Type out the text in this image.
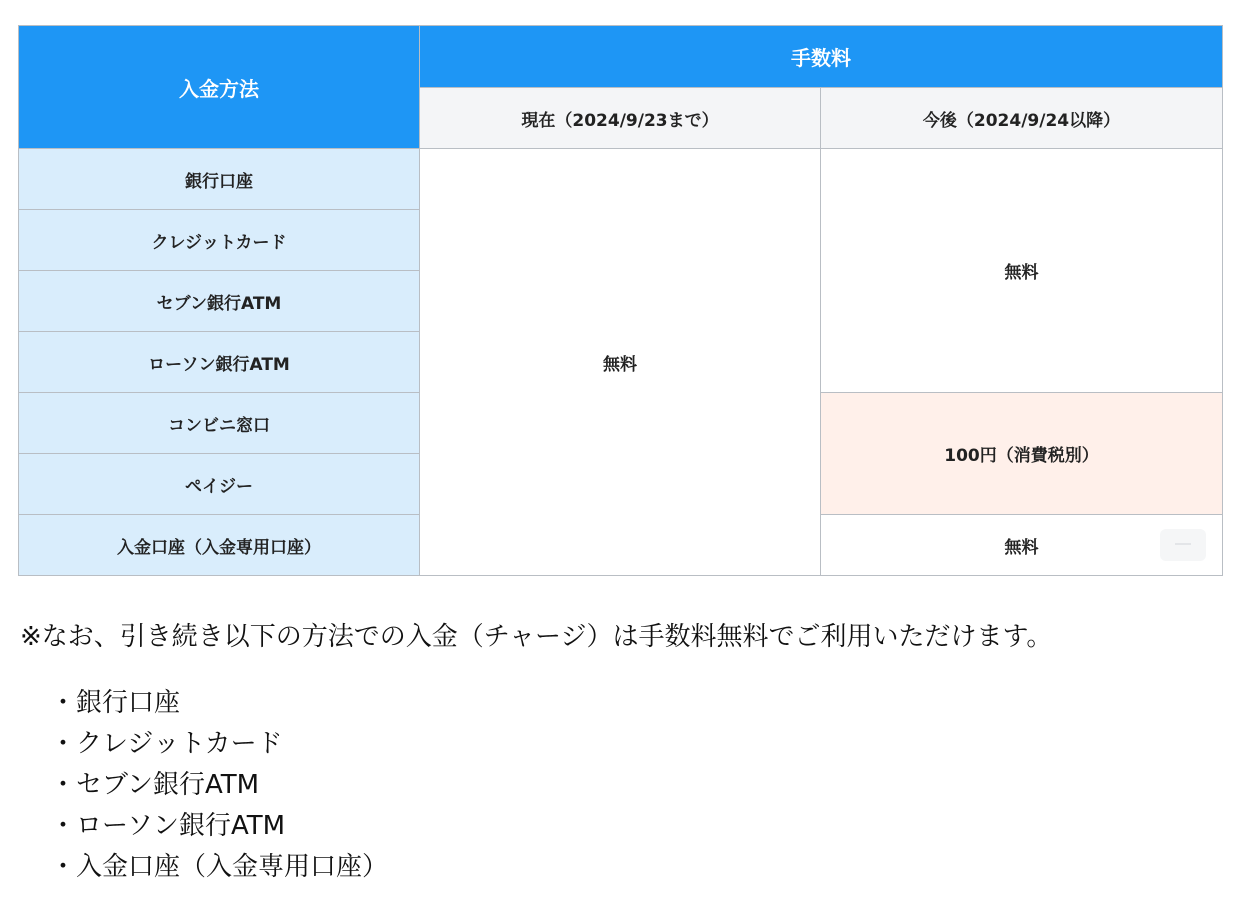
入金方法	手数料	
	現在（2024/9/23まで）	今後（2024/9/24以降）
銀行口座	無料	無料
クレジットカード		
セブン銀行ATM		
ローソン銀行ATM		
コンビニ窓口		100円（消費税別）
ペイジー		
入金口座（入金専用口座）		無料

※なお、引き続き以下の方法での入金（チャージ）は手数料無料でご利用いただけます。

・銀行口座
・クレジットカード
・セブン銀行ATM
・ローソン銀行ATM
・入金口座（入金専用口座）
